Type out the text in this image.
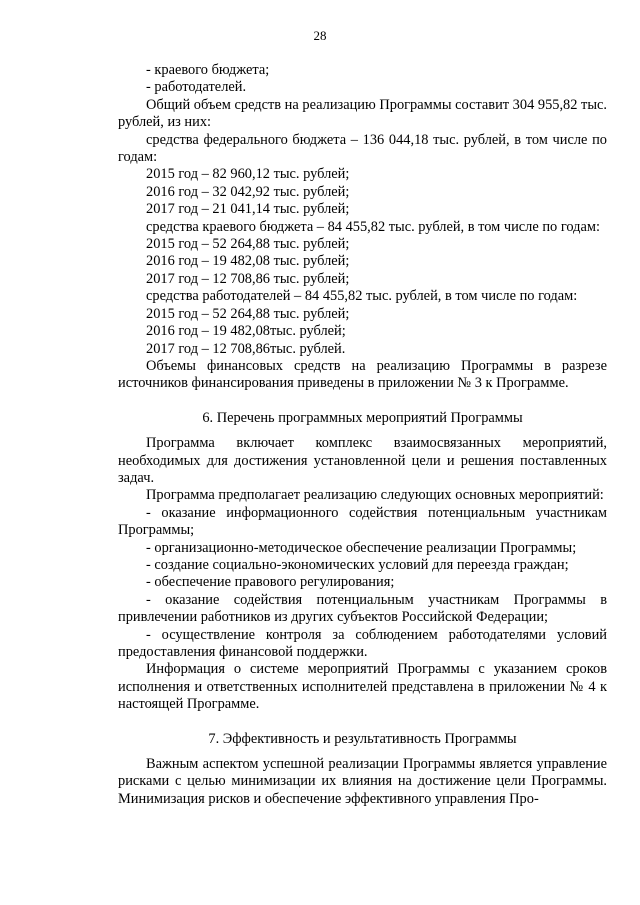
28
- краевого бюджета;
- работодателей.
Общий объем средств на реализацию Программы составит 304 955,82 тыс. рублей, из них:
средства федерального бюджета – 136 044,18 тыс. рублей, в том числе по годам:
2015 год – 82 960,12 тыс. рублей;
2016 год – 32 042,92 тыс. рублей;
2017 год – 21 041,14 тыс. рублей;
средства краевого бюджета – 84 455,82 тыс. рублей, в том числе по годам:
2015 год – 52 264,88 тыс. рублей;
2016 год – 19 482,08 тыс. рублей;
2017 год – 12 708,86 тыс. рублей;
средства работодателей – 84 455,82 тыс. рублей, в том числе по годам:
2015 год – 52 264,88 тыс. рублей;
2016 год – 19 482,08тыс. рублей;
2017 год – 12 708,86тыс. рублей.
Объемы финансовых средств на реализацию Программы в разрезе источников финансирования приведены в приложении № 3 к Программе.
6. Перечень программных мероприятий Программы
Программа включает комплекс взаимосвязанных мероприятий, необходимых для достижения установленной цели и решения поставленных задач.
Программа предполагает реализацию следующих основных мероприятий:
- оказание информационного содействия потенциальным участникам Программы;
- организационно-методическое обеспечение реализации Программы;
- создание социально-экономических условий для переезда граждан;
- обеспечение правового регулирования;
- оказание содействия потенциальным участникам Программы в привлечении работников из других субъектов Российской Федерации;
- осуществление контроля за соблюдением работодателями условий предоставления финансовой поддержки.
Информация о системе мероприятий Программы с указанием сроков исполнения и ответственных исполнителей представлена в приложении № 4 к настоящей Программе.
7. Эффективность и результативность Программы
Важным аспектом успешной реализации Программы является управление рисками с целью минимизации их влияния на достижение цели Программы. Минимизация рисков и обеспечение эффективного управления Про-
